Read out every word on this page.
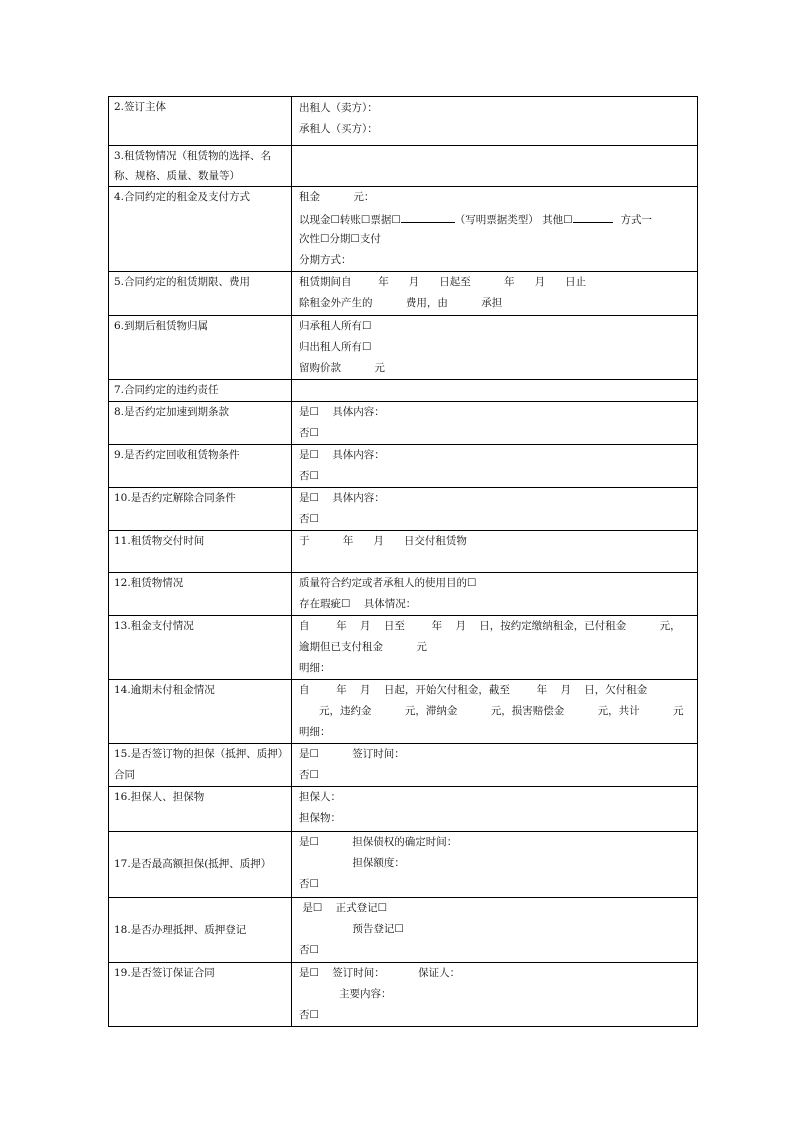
2.签订主体	出租人（卖方）：
承租人（买方）：

3.租赁物情况（租赁物的选择、名称、规格、质量、数量等）	

4.合同约定的租金及支付方式	租金          元：
以现金☐转账☐票据☐ （写明票据类型） 其他☐ 方式一
次性☐分期☐支付
分期方式：

5.合同约定的租赁期限、费用	租赁期间自        年      月      日起至          年      月      日止
除租金外产生的          费用，由          承担

6.到期后租赁物归属	归承租人所有☐
归出租人所有☐
留购价款          元

7.合同约定的违约责任	

8.是否约定加速到期条款	是☐    具体内容：
否☐

9.是否约定回收租赁物条件	是☐    具体内容：
否☐

10.是否约定解除合同条件	是☐    具体内容：
否☐

11.租赁物交付时间	于          年      月      日交付租赁物

12.租赁物情况	质量符合约定或者承租人的使用目的☐
存在瑕疵☐    具体情况：

13.租金支付情况	自        年    月    日至        年    月    日，按约定缴纳租金，已付租金          元，
逾期但已支付租金          元
明细：

14.逾期未付租金情况	自        年    月    日起，开始欠付租金，截至        年    月    日，欠付租金
元，违约金          元，滞纳金          元，损害赔偿金          元，共计          元
明细：

15.是否签订物的担保（抵押、质押）合同	是☐          签订时间：
否☐

16.担保人、担保物	担保人：
担保物：

17.是否最高额担保(抵押、质押）	是☐          担保债权的确定时间：
担保额度：
否☐

18.是否办理抵押、质押登记	是☐    正式登记☐
预告登记☐
否☐

19.是否签订保证合同	是☐    签订时间：          保证人：
主要内容：
否☐
